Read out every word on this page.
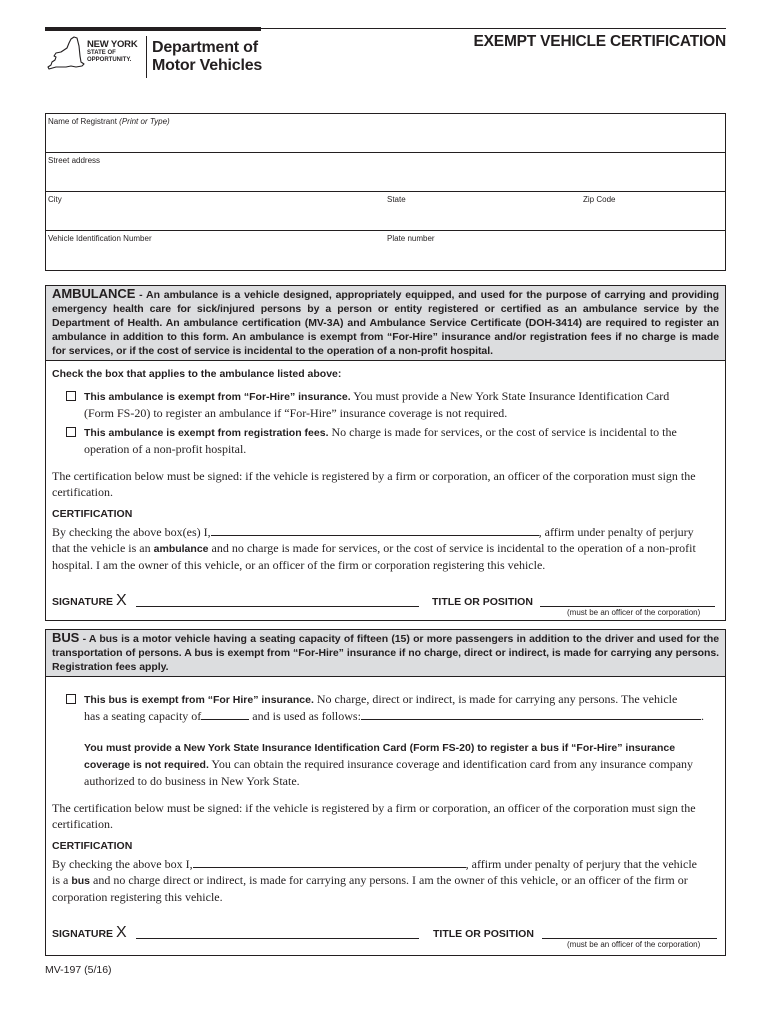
NEW YORK
STATE OF
OPPORTUNITY.
Department of
Motor Vehicles
EXEMPT VEHICLE CERTIFICATION
Name of Registrant (Print or Type)
Street address
City	State	Zip Code
Vehicle Identification Number	Plate number
AMBULANCE - An ambulance is a vehicle designed, appropriately equipped, and used for the purpose of carrying and providing emergency health care for sick/injured persons by a person or entity registered or certified as an ambulance service by the Department of Health. An ambulance certification (MV-3A) and Ambulance Service Certificate (DOH-3414) are required to register an ambulance in addition to this form. An ambulance is exempt from “For-Hire” insurance and/or registration fees if no charge is made for services, or if the cost of service is incidental to the operation of a non-profit hospital.
Check the box that applies to the ambulance listed above:
This ambulance is exempt from “For-Hire” insurance. You must provide a New York State Insurance Identification Card
(Form FS-20) to register an ambulance if “For-Hire” insurance coverage is not required.
This ambulance is exempt from registration fees. No charge is made for services, or the cost of service is incidental to the
operation of a non-profit hospital.
The certification below must be signed: if the vehicle is registered by a firm or corporation, an officer of the corporation must sign the certification.
CERTIFICATION
By checking the above box(es) I,	, affirm under penalty of perjury
that the vehicle is an ambulance and no charge is made for services, or the cost of service is incidental to the operation of a non-profit
hospital. I am the owner of this vehicle, or an officer of the firm or corporation registering this vehicle.
SIGNATURE X	TITLE OR POSITION
(must be an officer of the corporation)
BUS - A bus is a motor vehicle having a seating capacity of fifteen (15) or more passengers in addition to the driver and used for the transportation of persons. A bus is exempt from “For-Hire” insurance if no charge, direct or indirect, is made for carrying any persons. Registration fees apply.
This bus is exempt from “For Hire” insurance. No charge, direct or indirect, is made for carrying any persons. The vehicle
has a seating capacity of	and is used as follows:	.
You must provide a New York State Insurance Identification Card (Form FS-20) to register a bus if “For-Hire” insurance
coverage is not required. You can obtain the required insurance coverage and identification card from any insurance company
authorized to do business in New York State.
The certification below must be signed: if the vehicle is registered by a firm or corporation, an officer of the corporation must sign the certification.
CERTIFICATION
By checking the above box I,	, affirm under penalty of perjury that the vehicle
is a bus and no charge direct or indirect, is made for carrying any persons. I am the owner of this vehicle, or an officer of the firm or
corporation registering this vehicle.
SIGNATURE X	TITLE OR POSITION
(must be an officer of the corporation)
MV-197 (5/16)
